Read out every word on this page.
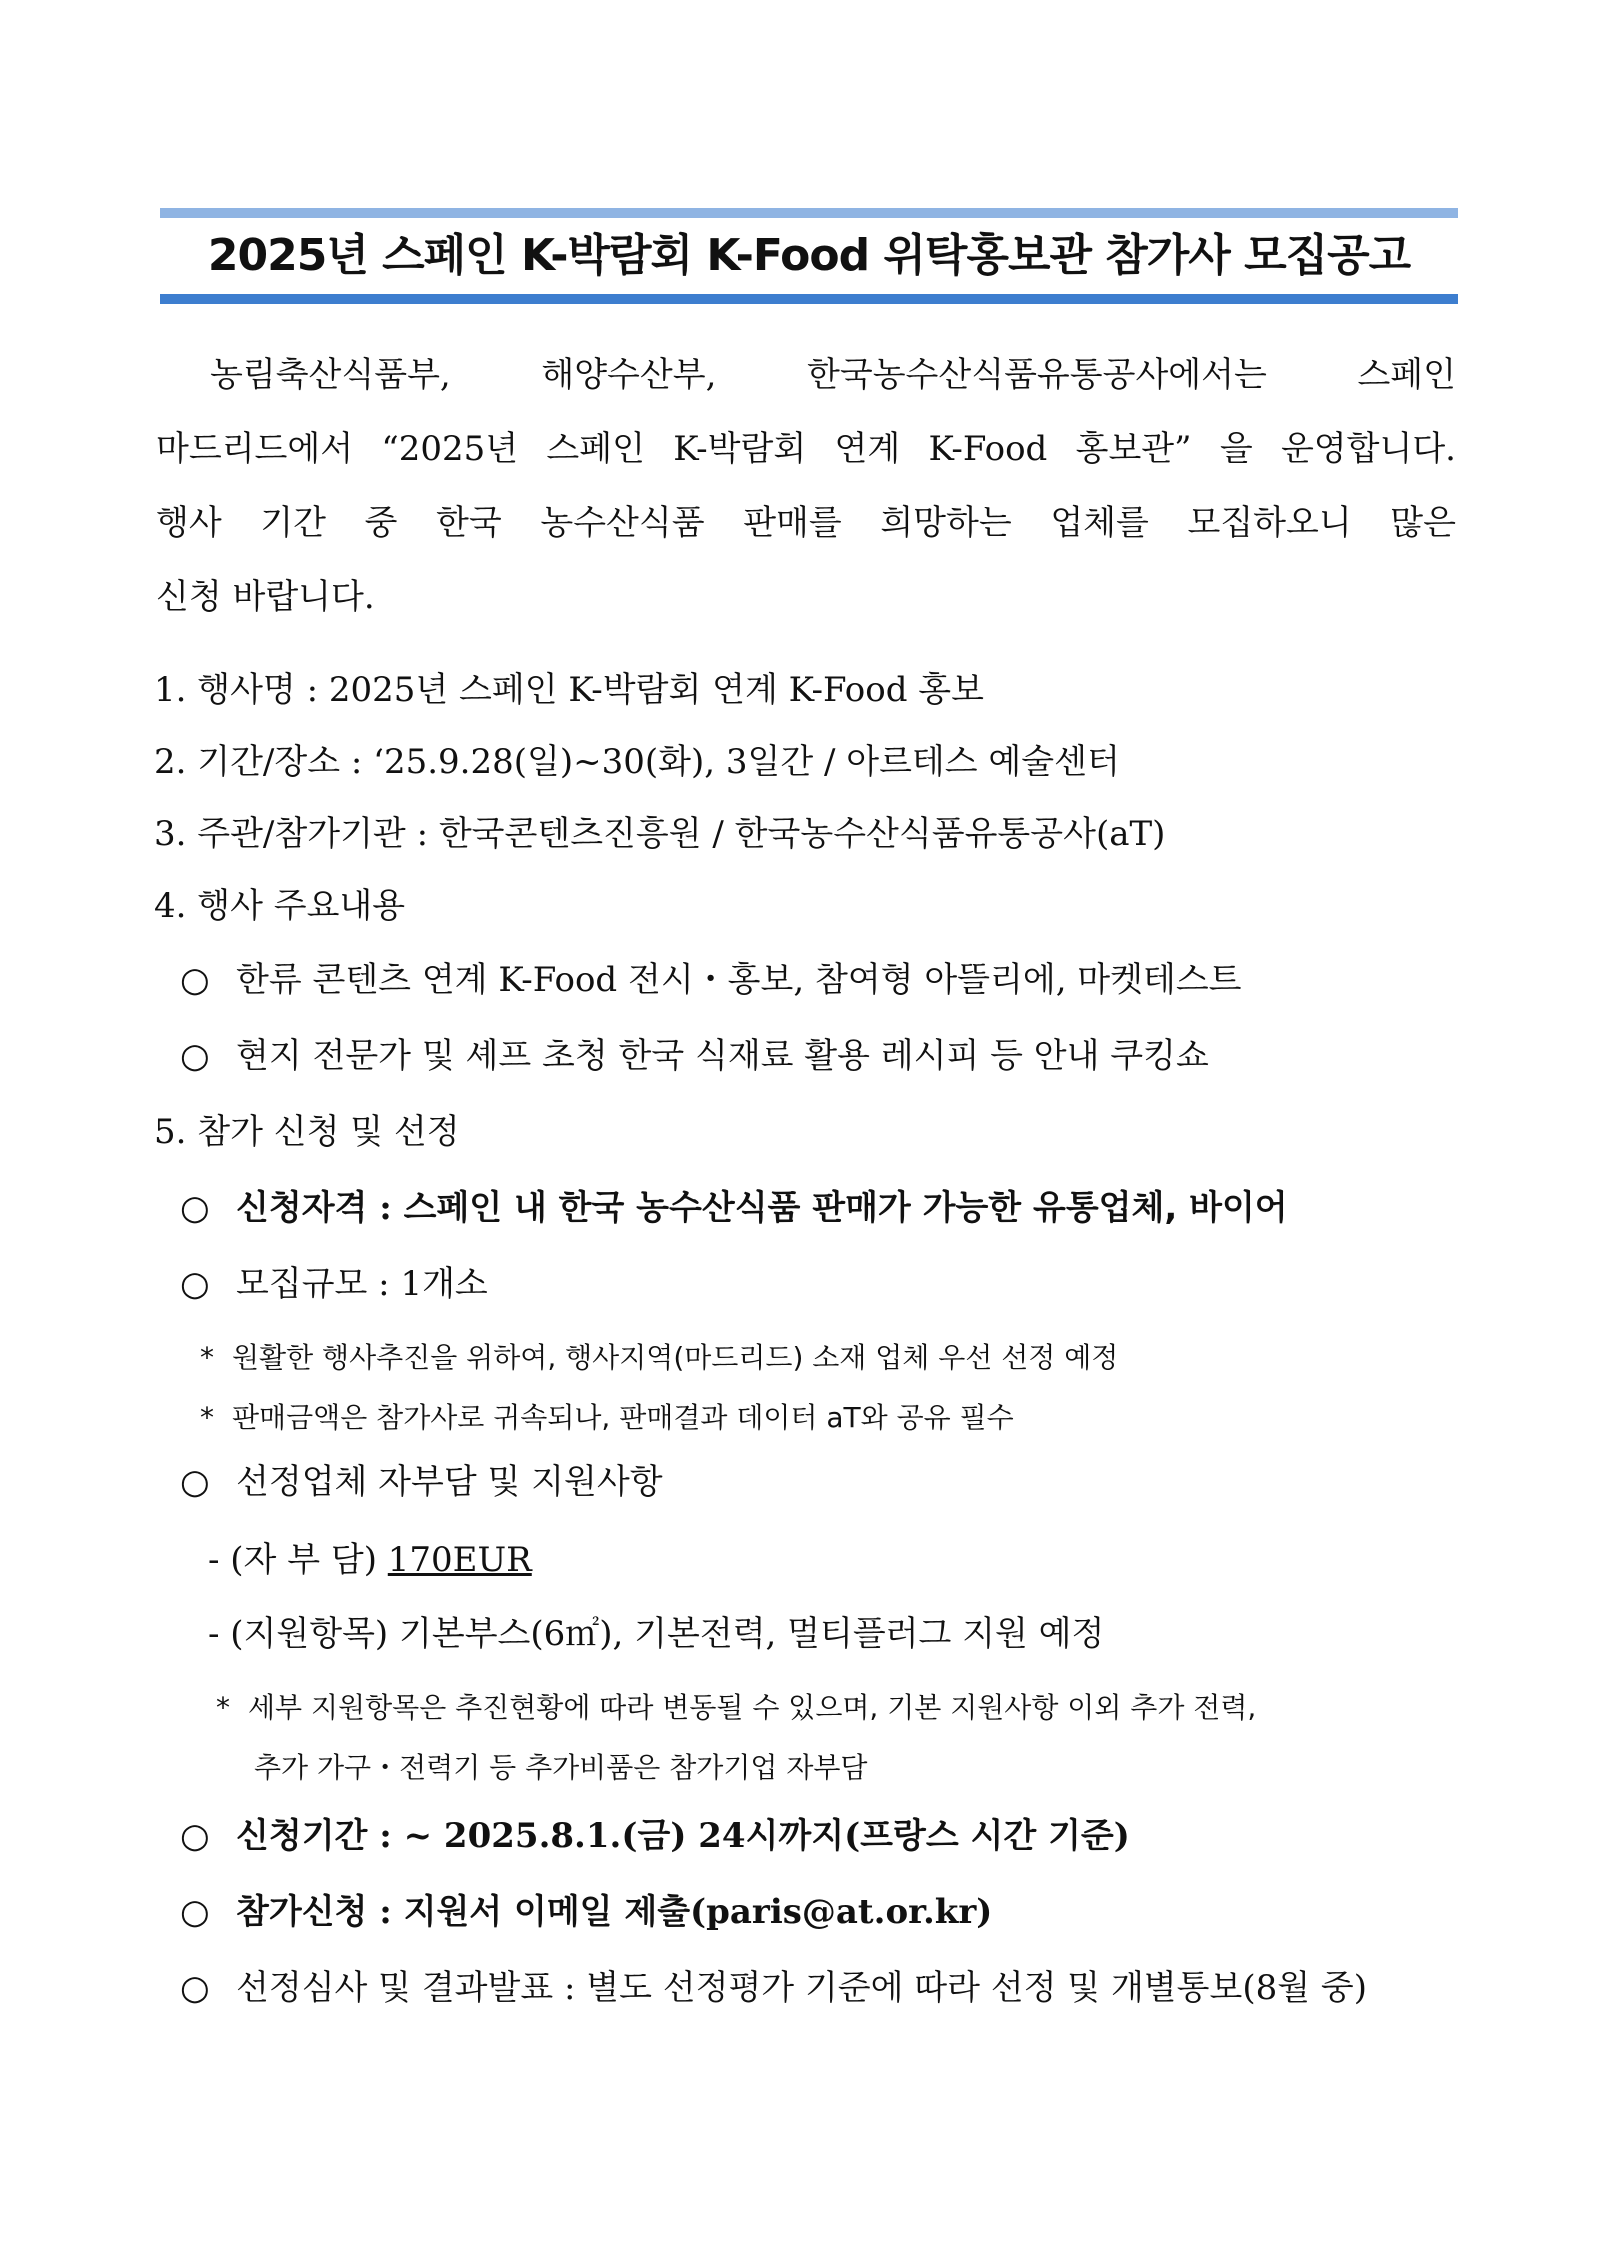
2025년 스페인 K-박람회 K-Food 위탁홍보관 참가사 모집공고
농림축산식품부, 해양수산부, 한국농수산식품유통공사에서는 스페인
마드리드에서 “2025년 스페인 K-박람회 연계 K-Food 홍보관” 을 운영합니다.
행사 기간 중 한국 농수산식품 판매를 희망하는 업체를 모집하오니 많은
신청 바랍니다.
1. 행사명 : 2025년 스페인 K-박람회 연계 K-Food 홍보
2. 기간/장소 : ‘25.9.28(일)~30(화), 3일간 / 아르테스 예술센터
3. 주관/참가기관 : 한국콘텐츠진흥원 / 한국농수산식품유통공사(aT)
4. 행사 주요내용
○ 한류 콘텐츠 연계 K-Food 전시・홍보, 참여형 아뜰리에, 마켓테스트
○ 현지 전문가 및 셰프 초청 한국 식재료 활용 레시피 등 안내 쿠킹쇼
5. 참가 신청 및 선정
○ 신청자격 : 스페인 내 한국 농수산식품 판매가 가능한 유통업체, 바이어
○ 모집규모 : 1개소
* 원활한 행사추진을 위하여, 행사지역(마드리드) 소재 업체 우선 선정 예정
* 판매금액은 참가사로 귀속되나, 판매결과 데이터 aT와 공유 필수
○ 선정업체 자부담 및 지원사항
- (자 부 담) 170EUR
- (지원항목) 기본부스(6㎡), 기본전력, 멀티플러그 지원 예정
* 세부 지원항목은 추진현황에 따라 변동될 수 있으며, 기본 지원사항 이외 추가 전력,
추가 가구・전력기 등 추가비품은 참가기업 자부담
○ 신청기간 : ~ 2025.8.1.(금) 24시까지(프랑스 시간 기준)
○ 참가신청 : 지원서 이메일 제출(paris@at.or.kr)
○ 선정심사 및 결과발표 : 별도 선정평가 기준에 따라 선정 및 개별통보(8월 중)
